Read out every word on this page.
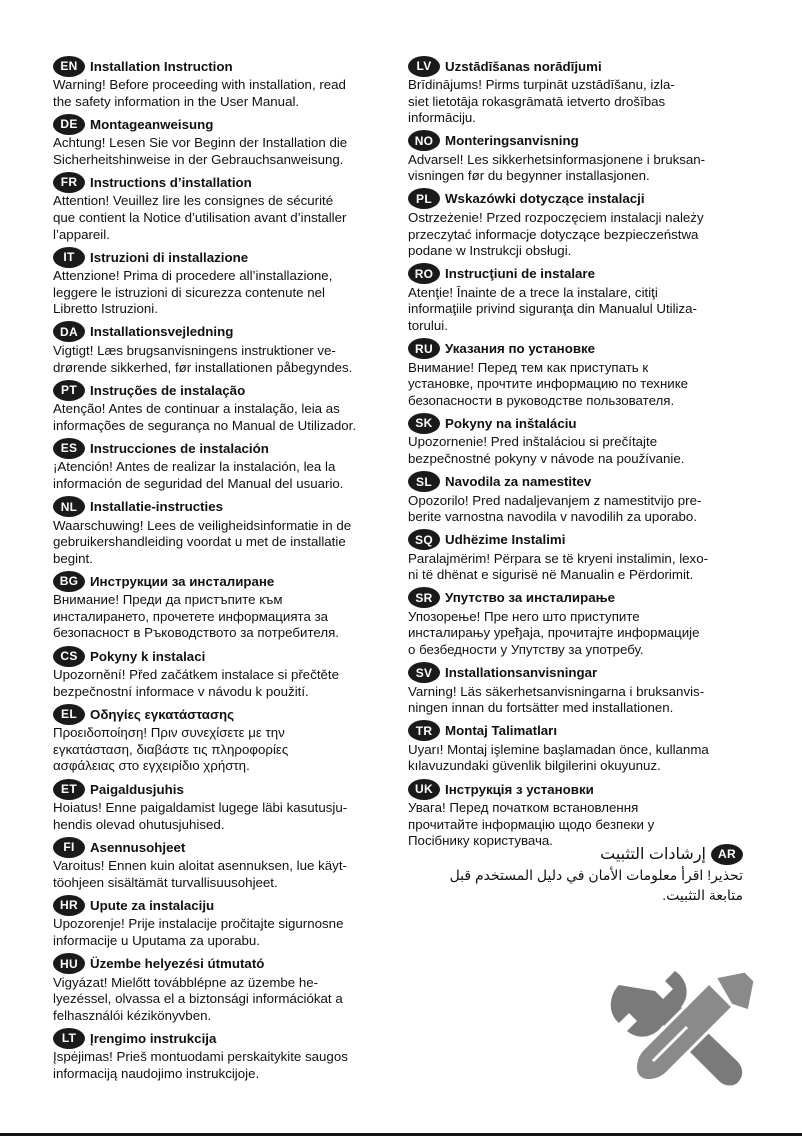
EN Installation Instruction
Warning! Before proceeding with installation, read
the safety information in the User Manual.
DE Montageanweisung
Achtung! Lesen Sie vor Beginn der Installation die
Sicherheitshinweise in der Gebrauchsanweisung.
FR Instructions d’installation
Attention! Veuillez lire les consignes de sécurité
que contient la Notice d’utilisation avant d’installer
l’appareil.
IT	Istruzioni di installazione
Attenzione! Prima di procedere all’installazione,
leggere le istruzioni di sicurezza contenute nel
Libretto Istruzioni.
DA Installationsvejledning
Vigtigt! Læs brugsanvisningens instruktioner ve-
drørende sikkerhed, før installationen påbegyndes.
PT Instruções de instalação
Atenção! Antes de continuar a instalação, leia as
informações de segurança no Manual de Utilizador.
ES Instrucciones de instalación
¡Atención! Antes de realizar la instalación, lea la
información de seguridad del Manual del usuario.
NL Installatie-instructies
Waarschuwing! Lees de veiligheidsinformatie in de
gebruikershandleiding voordat u met de installatie
begint.
BG Инструкции за инсталиране
Внимание! Преди да пристъпите към
инсталирането, прочетете информацията за
безопасност в Ръководството за потребителя.
CS Pokyny k instalaci
Upozornění! Před začátkem instalace si přečtěte
bezpečnostní informace v návodu k použití.
EL Οδηγίες εγκατάστασης
Προειδοποίηση! Πριν συνεχίσετε με την
εγκατάσταση, διαβάστε τις πληροφορίες
ασφάλειας στο εγχειρίδιο χρήστη.
ET Paigaldusjuhis
Hoiatus! Enne paigaldamist lugege läbi kasutusju-
hendis olevad ohutusjuhised.
FI	Asennusohjeet
Varoitus! Ennen kuin aloitat asennuksen, lue käyt-
töohjeen sisältämät turvallisuusohjeet.
HR Upute za instalaciju
Upozorenje! Prije instalacije pročitajte sigurnosne
informacije u Uputama za uporabu.
HU Üzembe helyezési útmutató
Vigyázat! Mielőtt továbblépne az üzembe he-
lyezéssel, olvassa el a biztonsági információkat a
felhasználói kézikönyvben.
LT	Įrengimo instrukcija
Įspėjimas! Prieš montuodami perskaitykite saugos
informaciją naudojimo instrukcijoje.
LV	Uzstādīšanas norādījumi
Brīdinājums! Pirms turpināt uzstādīšanu, izla-
siet lietotāja rokasgrāmatā ietverto drošības
informāciju.
NO Monteringsanvisning
Advarsel! Les sikkerhetsinformasjonene i bruksan-
visningen før du begynner installasjonen.
PL Wskazówki dotyczące instalacji
Ostrzeżenie! Przed rozpoczęciem instalacji należy
przeczytać informacje dotyczące bezpieczeństwa
podane w Instrukcji obsługi.
RO Instrucţiuni de instalare
Atenţie! Înainte de a trece la instalare, citiţi
informaţiile privind siguranţa din Manualul Utiliza-
torului.
RU Указания по установке
Внимание! Перед тем как приступать к
установке, прочтите информацию по технике
безопасности в руководстве пользователя.
SK Pokyny na inštaláciu
Upozornenie! Pred inštaláciou si prečítajte
bezpečnostné pokyny v návode na používanie.
SL Navodila za namestitev
Opozorilo! Pred nadaljevanjem z namestitvijo pre-
berite varnostna navodila v navodilih za uporabo.
SQ Udhëzime Instalimi
Paralajmërim! Përpara se të kryeni instalimin, lexo-
ni të dhënat e sigurisë në Manualin e Përdorimit.
SR Упутство за инсталирање
Упозорење! Пре него што приступите
инсталирању уређаја, прочитајте информације
о безбедности у Упутству за употребу.
SV Installationsanvisningar
Varning! Läs säkerhetsanvisningarna i bruksanvis-
ningen innan du fortsätter med installationen.
TR Montaj Talimatları
Uyarı! Montaj işlemine başlamadan önce, kullanma
kılavuzundaki güvenlik bilgilerini okuyunuz.
UK Інструкція з установки
Увага! Перед початком встановлення
прочитайте інформацію щодо безпеки у
Посібнику користувача.
AR
إرشادات التثبيت
تحذير! اقرأ معلومات الأمان في دليل المستخدم قبل
متابعة التثبيت.
